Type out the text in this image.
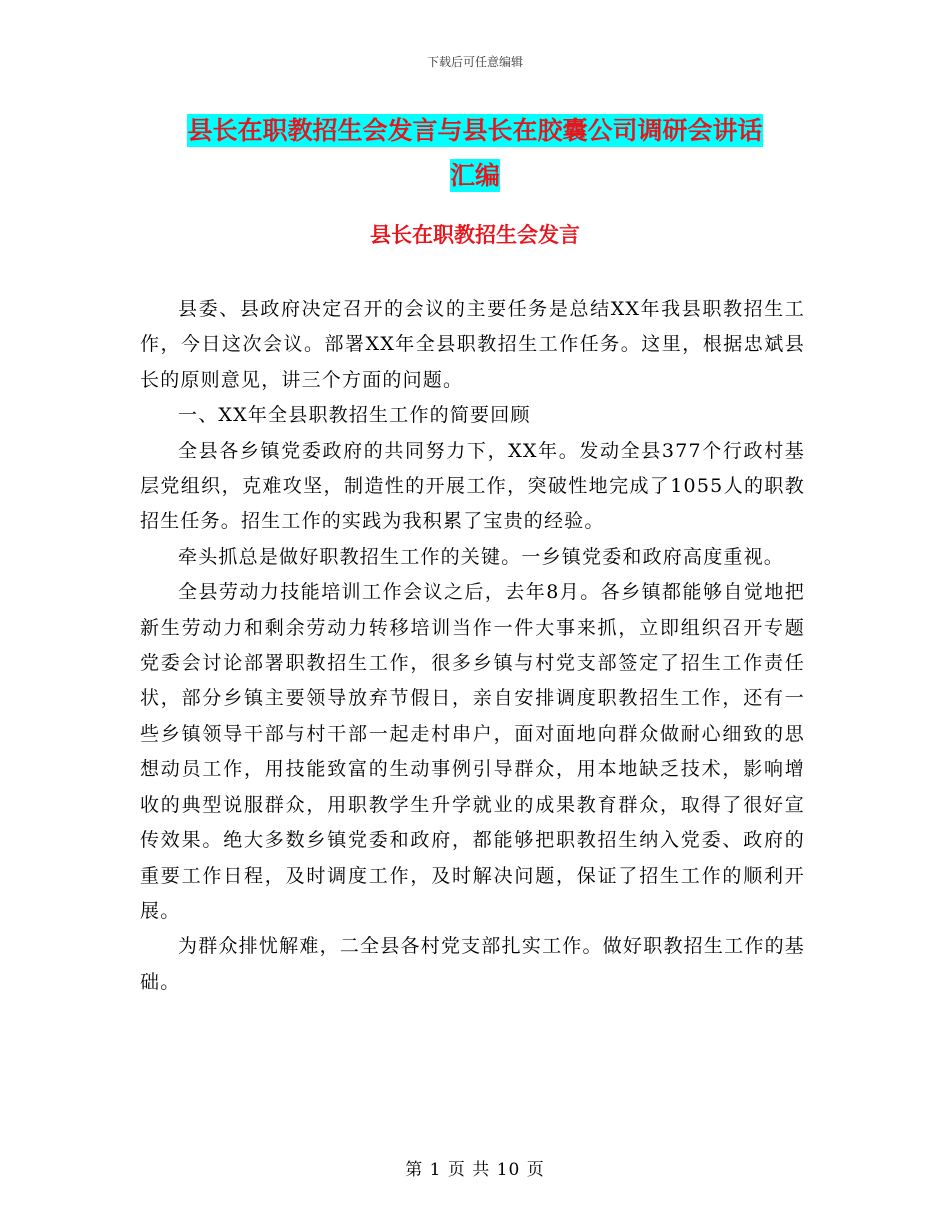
下载后可任意编辑
县长在职教招生会发言与县长在胶囊公司调研会讲话
汇编
县长在职教招生会发言

县委、县政府决定召开的会议的主要任务是总结XX年我县职教招生工作，今日这次会议。部署XX年全县职教招生工作任务。这里，根据忠斌县长的原则意见，讲三个方面的问题。

一、XX年全县职教招生工作的简要回顾

全县各乡镇党委政府的共同努力下，XX年。发动全县377个行政村基层党组织，克难攻坚，制造性的开展工作，突破性地完成了1055人的职教招生任务。招生工作的实践为我积累了宝贵的经验。

牵头抓总是做好职教招生工作的关键。一乡镇党委和政府高度重视。

全县劳动力技能培训工作会议之后，去年8月。各乡镇都能够自觉地把新生劳动力和剩余劳动力转移培训当作一件大事来抓，立即组织召开专题党委会讨论部署职教招生工作，很多乡镇与村党支部签定了招生工作责任状，部分乡镇主要领导放弃节假日，亲自安排调度职教招生工作，还有一些乡镇领导干部与村干部一起走村串户，面对面地向群众做耐心细致的思想动员工作，用技能致富的生动事例引导群众，用本地缺乏技术，影响增收的典型说服群众，用职教学生升学就业的成果教育群众，取得了很好宣传效果。绝大多数乡镇党委和政府，都能够把职教招生纳入党委、政府的重要工作日程，及时调度工作，及时解决问题，保证了招生工作的顺利开展。

为群众排忧解难，二全县各村党支部扎实工作。做好职教招生工作的基础。

第 1 页 共 10 页
